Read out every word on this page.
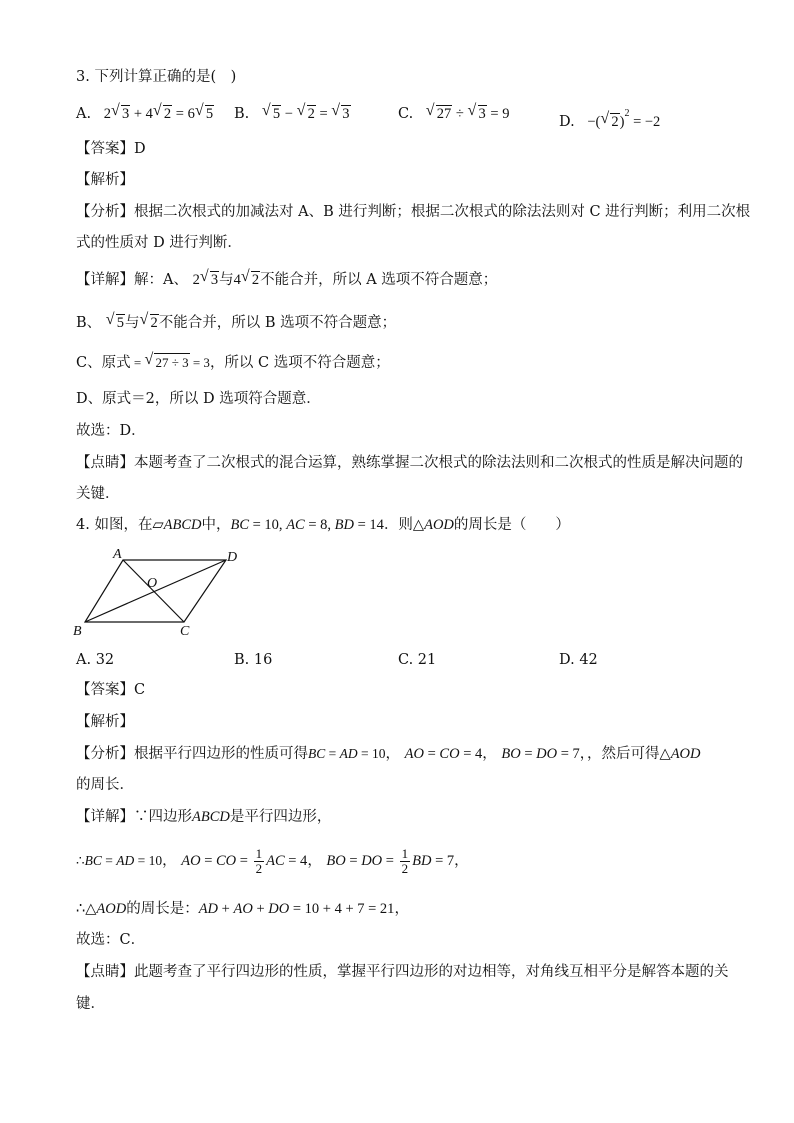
3. 下列计算正确的是(　)
A. 2 √ 3 + 4 √ 2 = 6 √ 5 B. √ 5 − √ 2 = √ 3	C. √ 27 ÷ √ 3 = 9	D. −( √ 2)$^2$ = −2
【答案】D
【解析】
【分析】根据二次根式的加减法对 A、B 进行判断；根据二次根式的除法法则对 C 进行判断；利用二次根
式的性质对 D 进行判断．
【详解】解：A、 2 √ 3与4 √ 2不能合并，所以 A 选项不符合题意；
B、 √ 5与 √ 2不能合并，所以 B 选项不符合题意；
C、原式 = √ 27 ÷ 3 = 3，所以 C 选项不符合题意；
D、原式＝2，所以 D 选项符合题意．
故选：D．
【点睛】本题考查了二次根式的混合运算，熟练掌握二次根式的除法法则和二次根式的性质是解决问题的
关键．
4. 如图，在▱ABCD中，BC = 10, AC = 8, BD = 14．则△AOD的周长是（　　）
A	D
B	C
O
A. 32	B. 16	C. 21	D. 42
【答案】C
【解析】
【分析】根据平行四边形的性质可得BC = AD = 10， AO = CO = 4， BO = DO = 7，，然后可得△AOD
的周长．
【详解】∵四边形ABCD是平行四边形，
∴BC = AD = 10， AO = CO = $\frac{1}{2}$ AC = 4， BO = DO = $\frac{1}{2}$ BD = 7，
∴△AOD的周长是：AD + AO + DO = 10 + 4 + 7 = 21，
故选：C．
【点睛】此题考查了平行四边形的性质，掌握平行四边形的对边相等，对角线互相平分是解答本题的关
键．
